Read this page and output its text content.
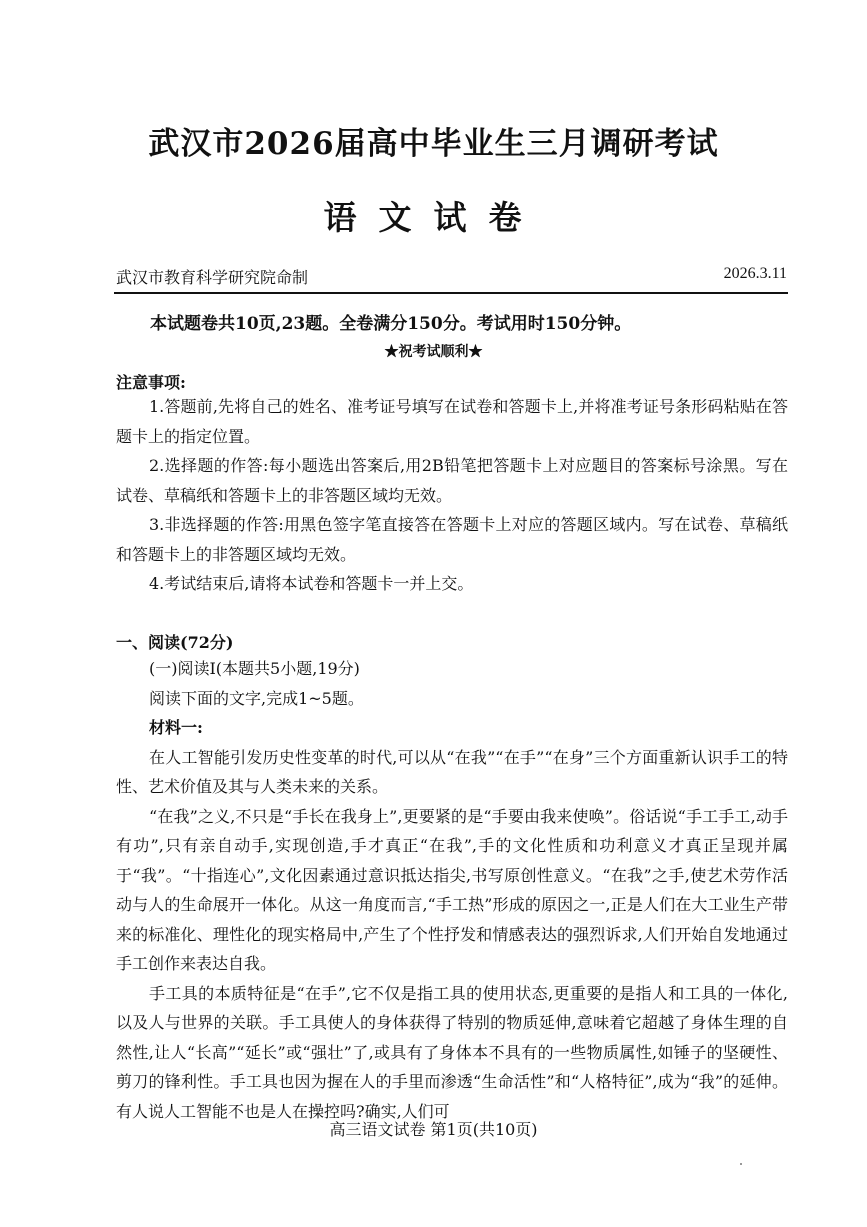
武汉市2026届高中毕业生三月调研考试
语文试卷
武汉市教育科学研究院命制	2026.3.11
本试题卷共10页,23题。全卷满分150分。考试用时150分钟。
★祝考试顺利★
注意事项:

1.答题前,先将自己的姓名、准考证号填写在试卷和答题卡上,并将准考证号条形码粘贴在答题卡上的指定位置。

2.选择题的作答:每小题选出答案后,用2B铅笔把答题卡上对应题目的答案标号涂黑。写在试卷、草稿纸和答题卡上的非答题区域均无效。

3.非选择题的作答:用黑色签字笔直接答在答题卡上对应的答题区域内。写在试卷、草稿纸和答题卡上的非答题区域均无效。

4.考试结束后,请将本试卷和答题卡一并上交。

一、阅读(72分)

(一)阅读Ⅰ(本题共5小题,19分)

阅读下面的文字,完成1~5题。

材料一:

在人工智能引发历史性变革的时代,可以从“在我”“在手”“在身”三个方面重新认识手工的特性、艺术价值及其与人类未来的关系。

“在我”之义,不只是“手长在我身上”,更要紧的是“手要由我来使唤”。俗话说“手工手工,动手有功”,只有亲自动手,实现创造,手才真正“在我”,手的文化性质和功利意义才真正呈现并属于“我”。“十指连心”,文化因素通过意识抵达指尖,书写原创性意义。“在我”之手,使艺术劳作活动与人的生命展开一体化。从这一角度而言,“手工热”形成的原因之一,正是人们在大工业生产带来的标准化、理性化的现实格局中,产生了个性抒发和情感表达的强烈诉求,人们开始自发地通过手工创作来表达自我。

手工具的本质特征是“在手”,它不仅是指工具的使用状态,更重要的是指人和工具的一体化,以及人与世界的关联。手工具使人的身体获得了特别的物质延伸,意味着它超越了身体生理的自然性,让人“长高”“延长”或“强壮”了,或具有了身体本不具有的一些物质属性,如锤子的坚硬性、剪刀的锋利性。手工具也因为握在人的手里而渗透“生命活性”和“人格特征”,成为“我”的延伸。有人说人工智能不也是人在操控吗?确实,人们可

高三语文试卷 第1页(共10页)
